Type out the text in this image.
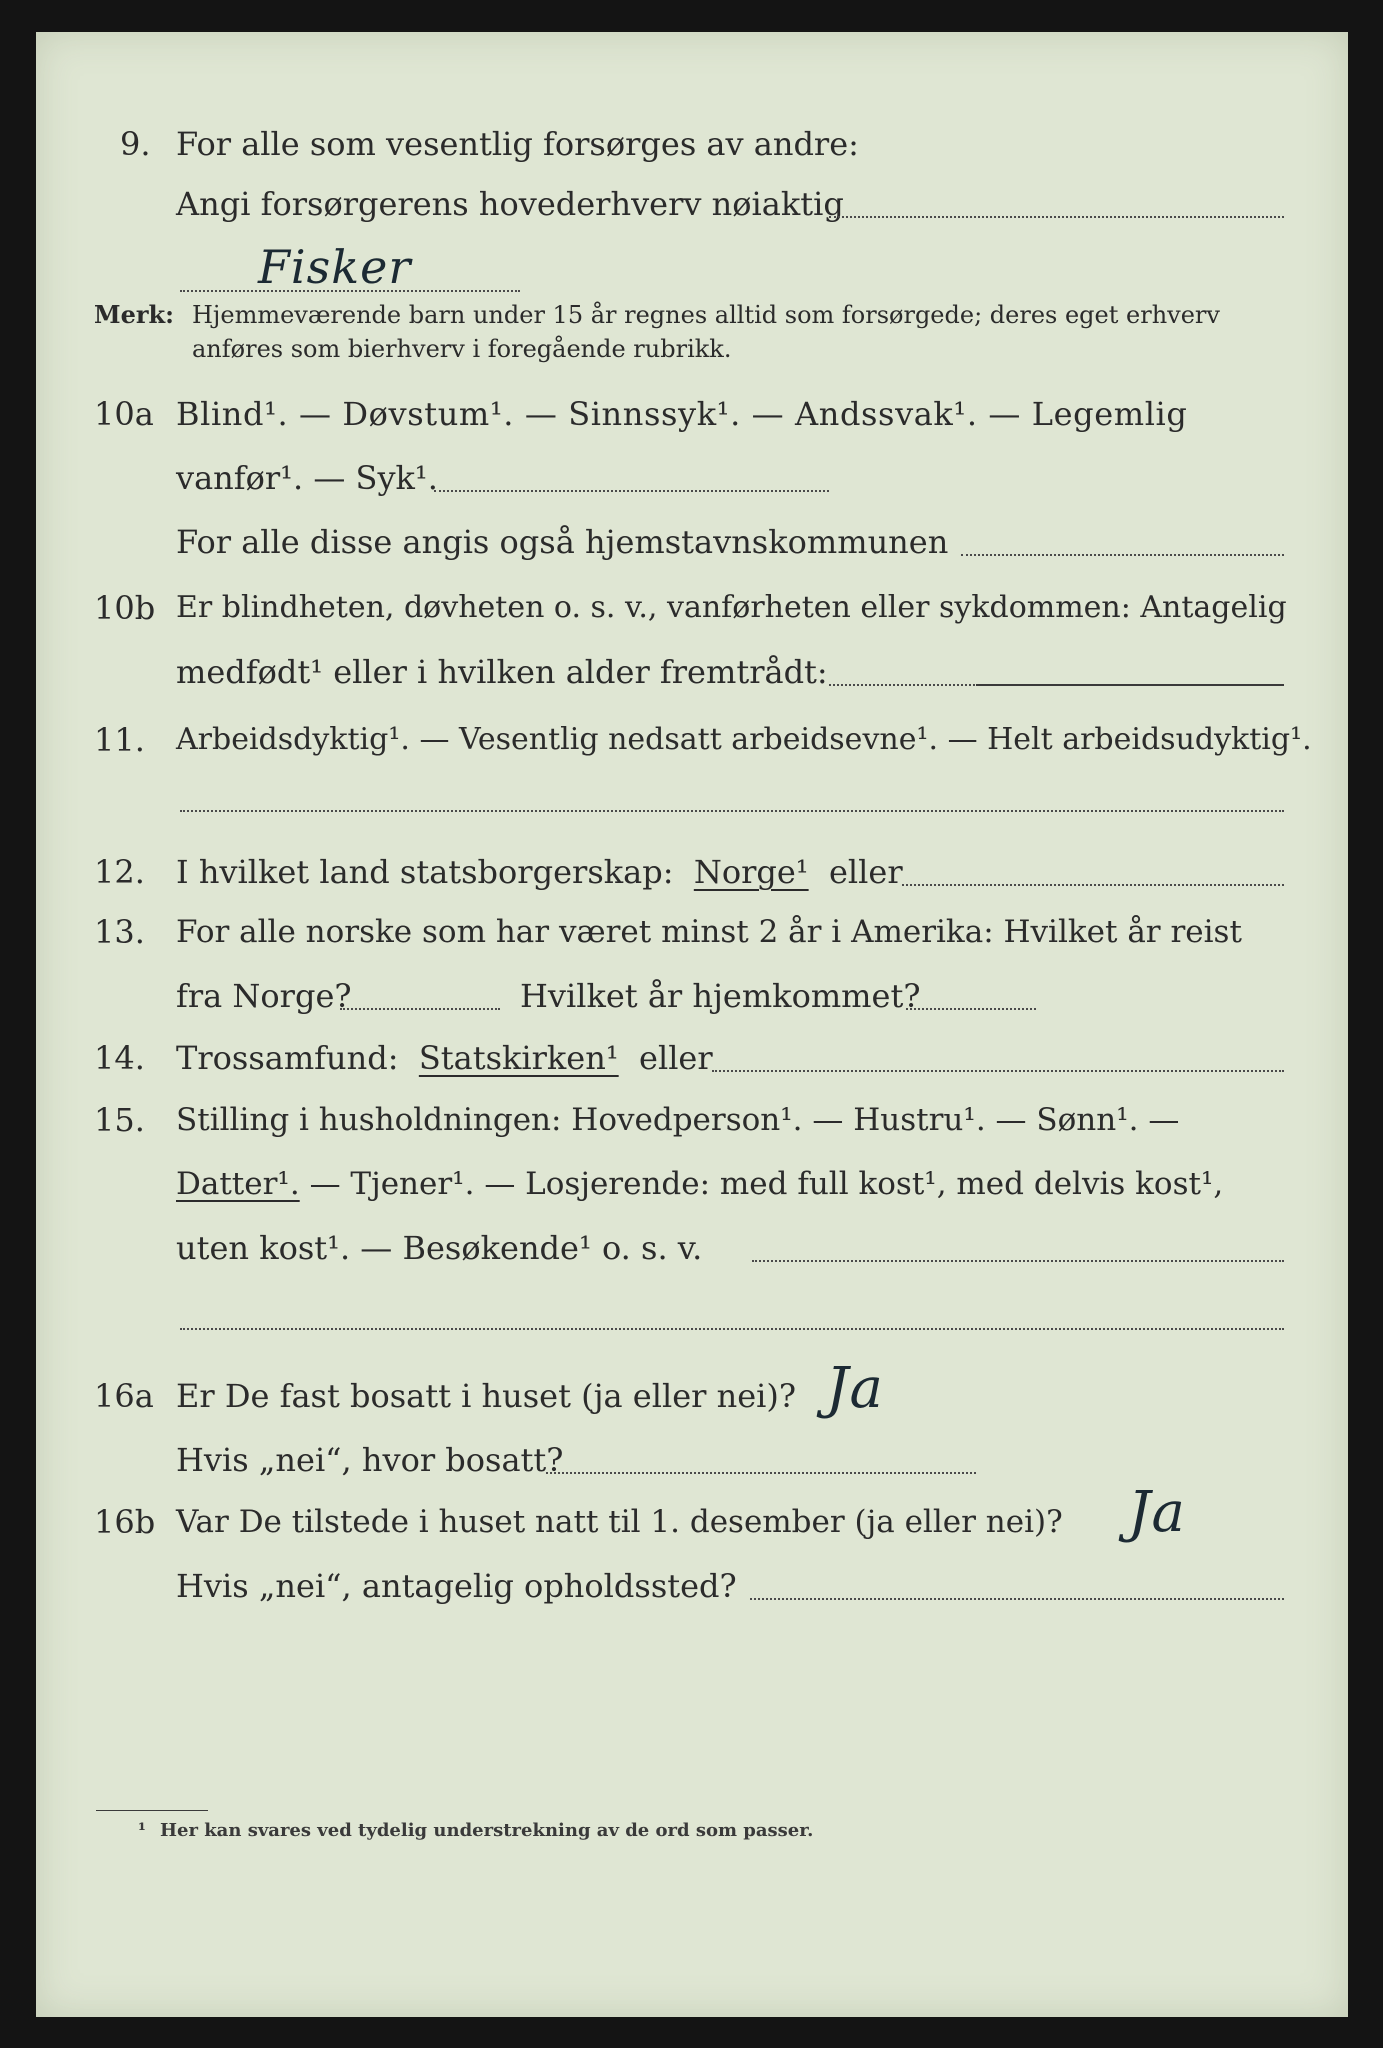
9. For alle som vesentlig forsørges av andre:
Angi forsørgerens hovederhverv nøiaktig
Fisker
Merk: Hjemmeværende barn under 15 år regnes alltid som forsørgede; deres eget erhverv
anføres som bierhverv i foregående rubrikk.
10a Blind¹. — Døvstum¹. — Sinnssyk¹. — Andssvak¹. — Legemlig
vanfør¹. — Syk¹.
For alle disse angis også hjemstavnskommunen
10b Er blindheten, døvheten o. s. v., vanførheten eller sykdommen: Antagelig
medfødt¹ eller i hvilken alder fremtrådt:
11. Arbeidsdyktig¹. — Vesentlig nedsatt arbeidsevne¹. — Helt arbeidsudyktig¹.
12. I hvilket land statsborgerskap: Norge¹ eller
13. For alle norske som har været minst 2 år i Amerika: Hvilket år reist
fra Norge?	Hvilket år hjemkommet?
14. Trossamfund: Statskirken¹ eller
15. Stilling i husholdningen: Hovedperson¹. — Hustru¹. — Sønn¹. —
Datter¹. — Tjener¹. — Losjerende: med full kost¹, med delvis kost¹,
uten kost¹. — Besøkende¹ o. s. v.
16a Er De fast bosatt i huset (ja eller nei)? Ja
Hvis „nei“, hvor bosatt?
16b Var De tilstede i huset natt til 1. desember (ja eller nei)? Ja
Hvis „nei“, antagelig opholdssted?
¹ Her kan svares ved tydelig understrekning av de ord som passer.
